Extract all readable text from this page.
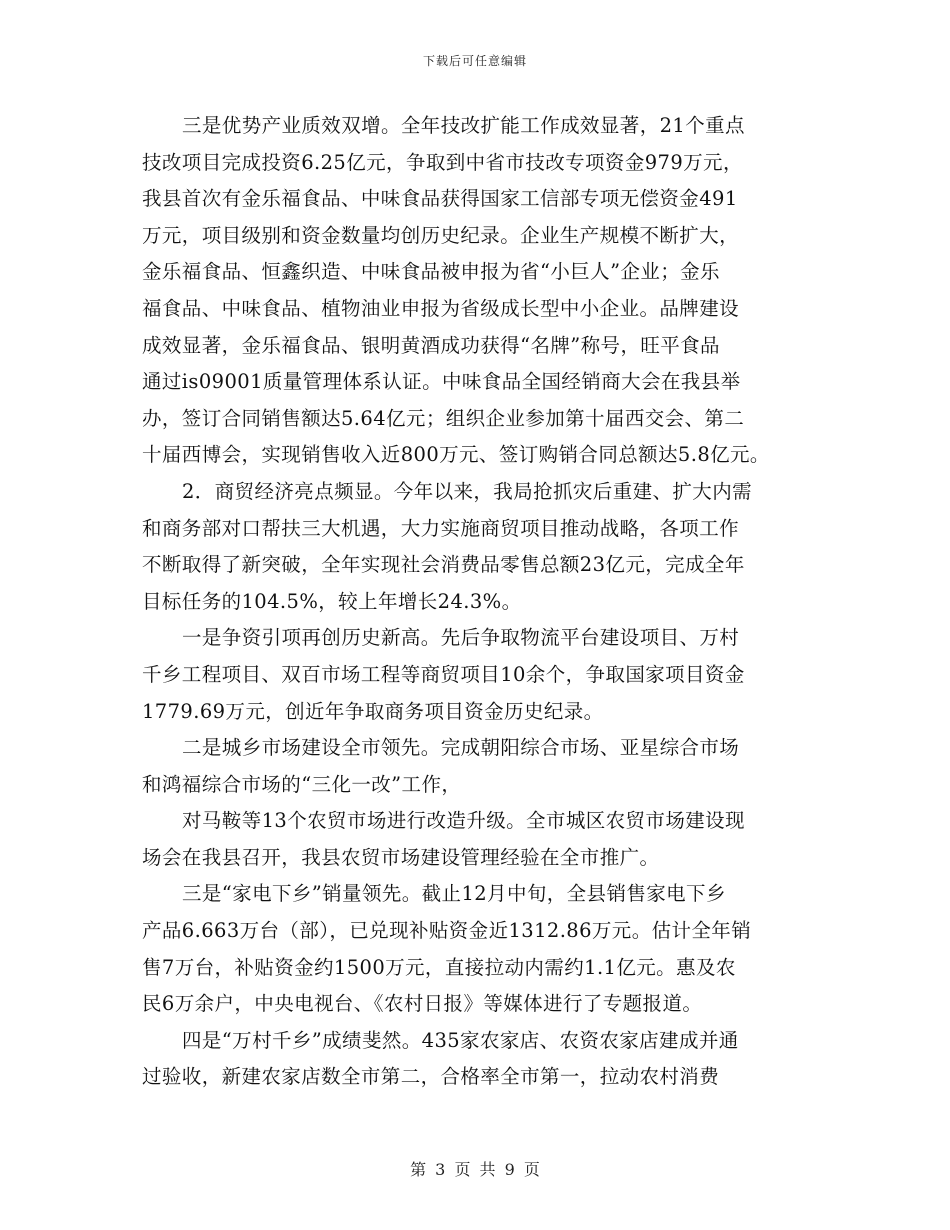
下载后可任意编辑
三是优势产业质效双增。全年技改扩能工作成效显著，21个重点
技改项目完成投资6.25亿元，争取到中省市技改专项资金979万元，
我县首次有金乐福食品、中味食品获得国家工信部专项无偿资金491
万元，项目级别和资金数量均创历史纪录。企业生产规模不断扩大，
金乐福食品、恒鑫织造、中味食品被申报为省“小巨人”企业；金乐
福食品、中味食品、植物油业申报为省级成长型中小企业。品牌建设
成效显著，金乐福食品、银明黄酒成功获得“名牌”称号，旺平食品
通过is09001质量管理体系认证。中味食品全国经销商大会在我县举
办，签订合同销售额达5.64亿元；组织企业参加第十届西交会、第二
十届西博会，实现销售收入近800万元、签订购销合同总额达5.8亿元。
2．商贸经济亮点频显。今年以来，我局抢抓灾后重建、扩大内需
和商务部对口帮扶三大机遇，大力实施商贸项目推动战略，各项工作
不断取得了新突破，全年实现社会消费品零售总额23亿元，完成全年
目标任务的104.5%，较上年增长24.3%。
一是争资引项再创历史新高。先后争取物流平台建设项目、万村
千乡工程项目、双百市场工程等商贸项目10余个，争取国家项目资金
1779.69万元，创近年争取商务项目资金历史纪录。
二是城乡市场建设全市领先。完成朝阳综合市场、亚星综合市场
和鸿福综合市场的“三化一改”工作，
对马鞍等13个农贸市场进行改造升级。全市城区农贸市场建设现
场会在我县召开，我县农贸市场建设管理经验在全市推广。
三是“家电下乡”销量领先。截止12月中旬，全县销售家电下乡
产品6.663万台（部），已兑现补贴资金近1312.86万元。估计全年销
售7万台，补贴资金约1500万元，直接拉动内需约1.1亿元。惠及农
民6万余户，中央电视台、《农村日报》等媒体进行了专题报道。
四是“万村千乡”成绩斐然。435家农家店、农资农家店建成并通
过验收，新建农家店数全市第二，合格率全市第一，拉动农村消费
第 3 页 共 9 页
